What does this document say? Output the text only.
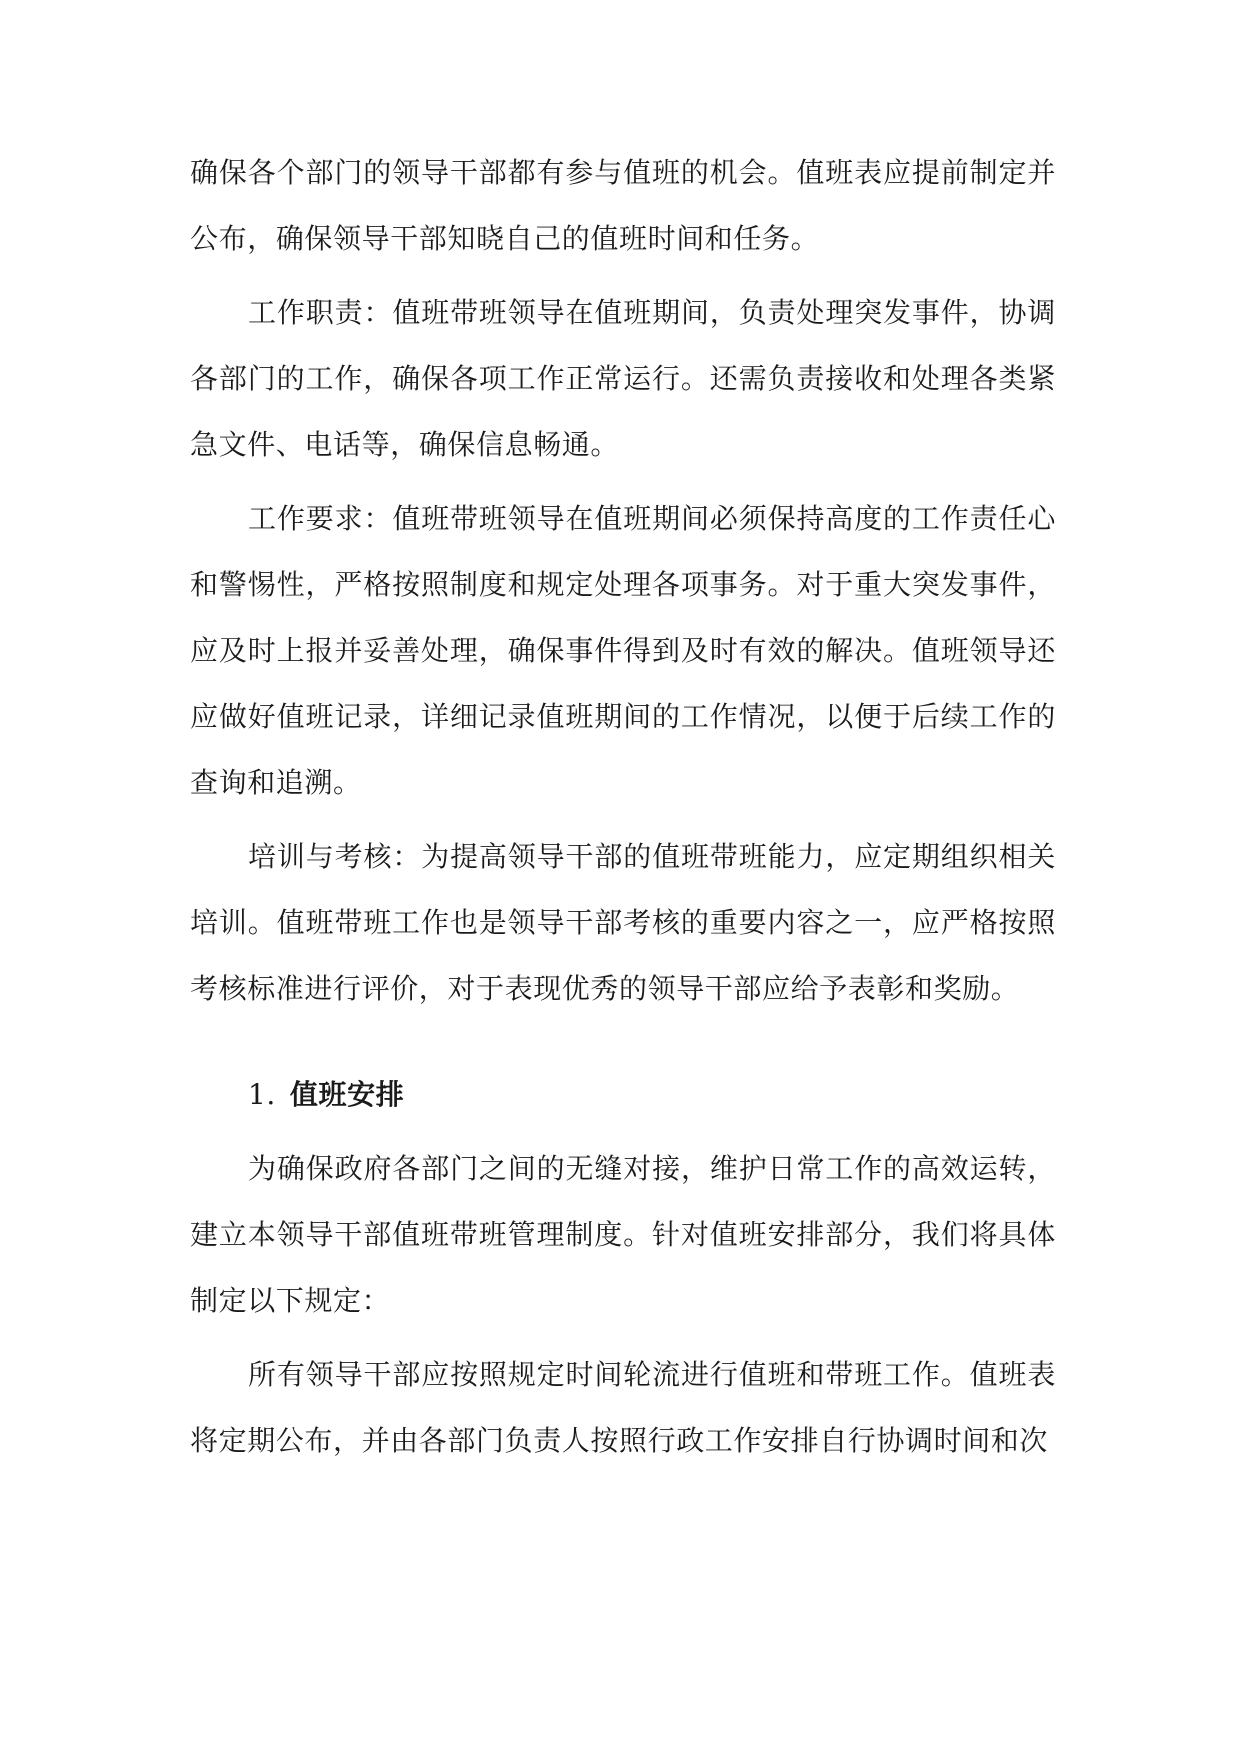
确保各个部门的领导干部都有参与值班的机会。值班表应提前制定并公布，确保领导干部知晓自己的值班时间和任务。

工作职责：值班带班领导在值班期间，负责处理突发事件，协调各部门的工作，确保各项工作正常运行。还需负责接收和处理各类紧急文件、电话等，确保信息畅通。

工作要求：值班带班领导在值班期间必须保持高度的工作责任心和警惕性，严格按照制度和规定处理各项事务。对于重大突发事件，应及时上报并妥善处理，确保事件得到及时有效的解决。值班领导还应做好值班记录，详细记录值班期间的工作情况，以便于后续工作的查询和追溯。

培训与考核：为提高领导干部的值班带班能力，应定期组织相关培训。值班带班工作也是领导干部考核的重要内容之一，应严格按照考核标准进行评价，对于表现优秀的领导干部应给予表彰和奖励。

1. 值班安排

为确保政府各部门之间的无缝对接，维护日常工作的高效运转，建立本领导干部值班带班管理制度。针对值班安排部分，我们将具体制定以下规定：

所有领导干部应按照规定时间轮流进行值班和带班工作。值班表将定期公布，并由各部门负责人按照行政工作安排自行协调时间和次
